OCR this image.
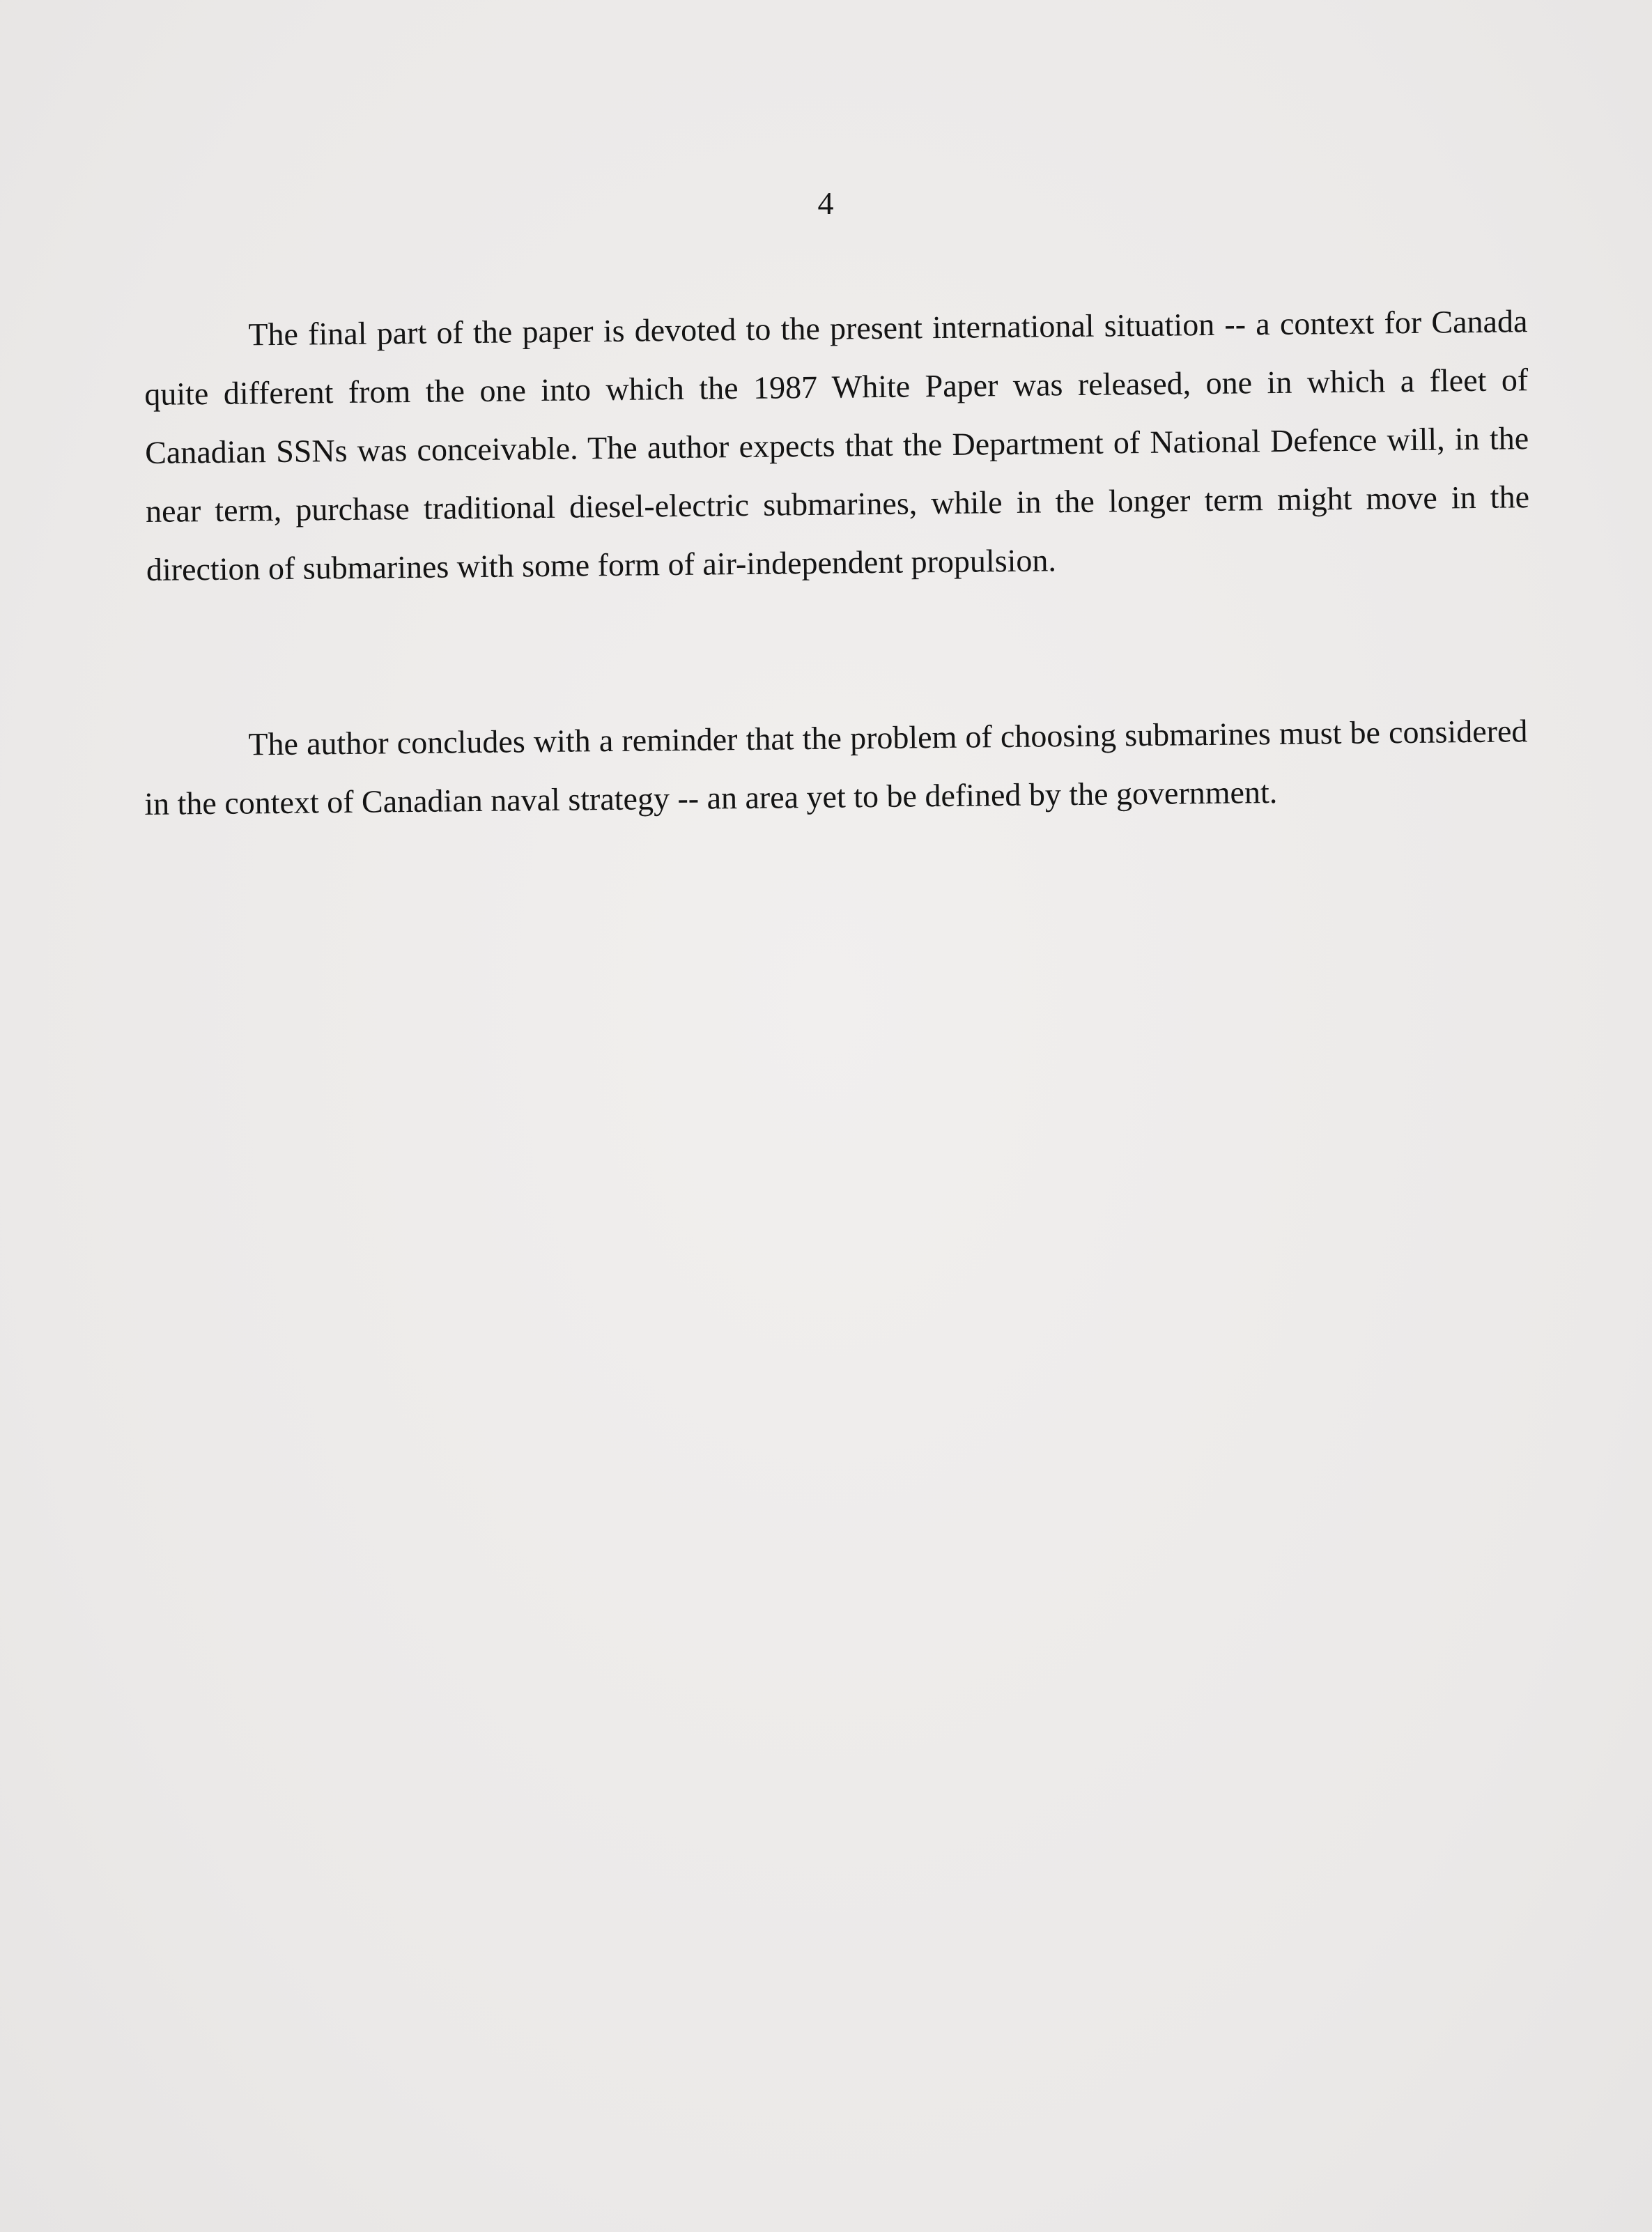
4

The final part of the paper is devoted to the present international situation -- a context for Canada quite different from the one into which the 1987 White Paper was released, one in which a fleet of Canadian SSNs was conceivable. The author expects that the Department of National Defence will, in the near term, purchase traditional diesel-electric submarines, while in the longer term might move in the direction of submarines with some form of air-independent propulsion.

The author concludes with a reminder that the problem of choosing submarines must be considered in the context of Canadian naval strategy -- an area yet to be defined by the government.
